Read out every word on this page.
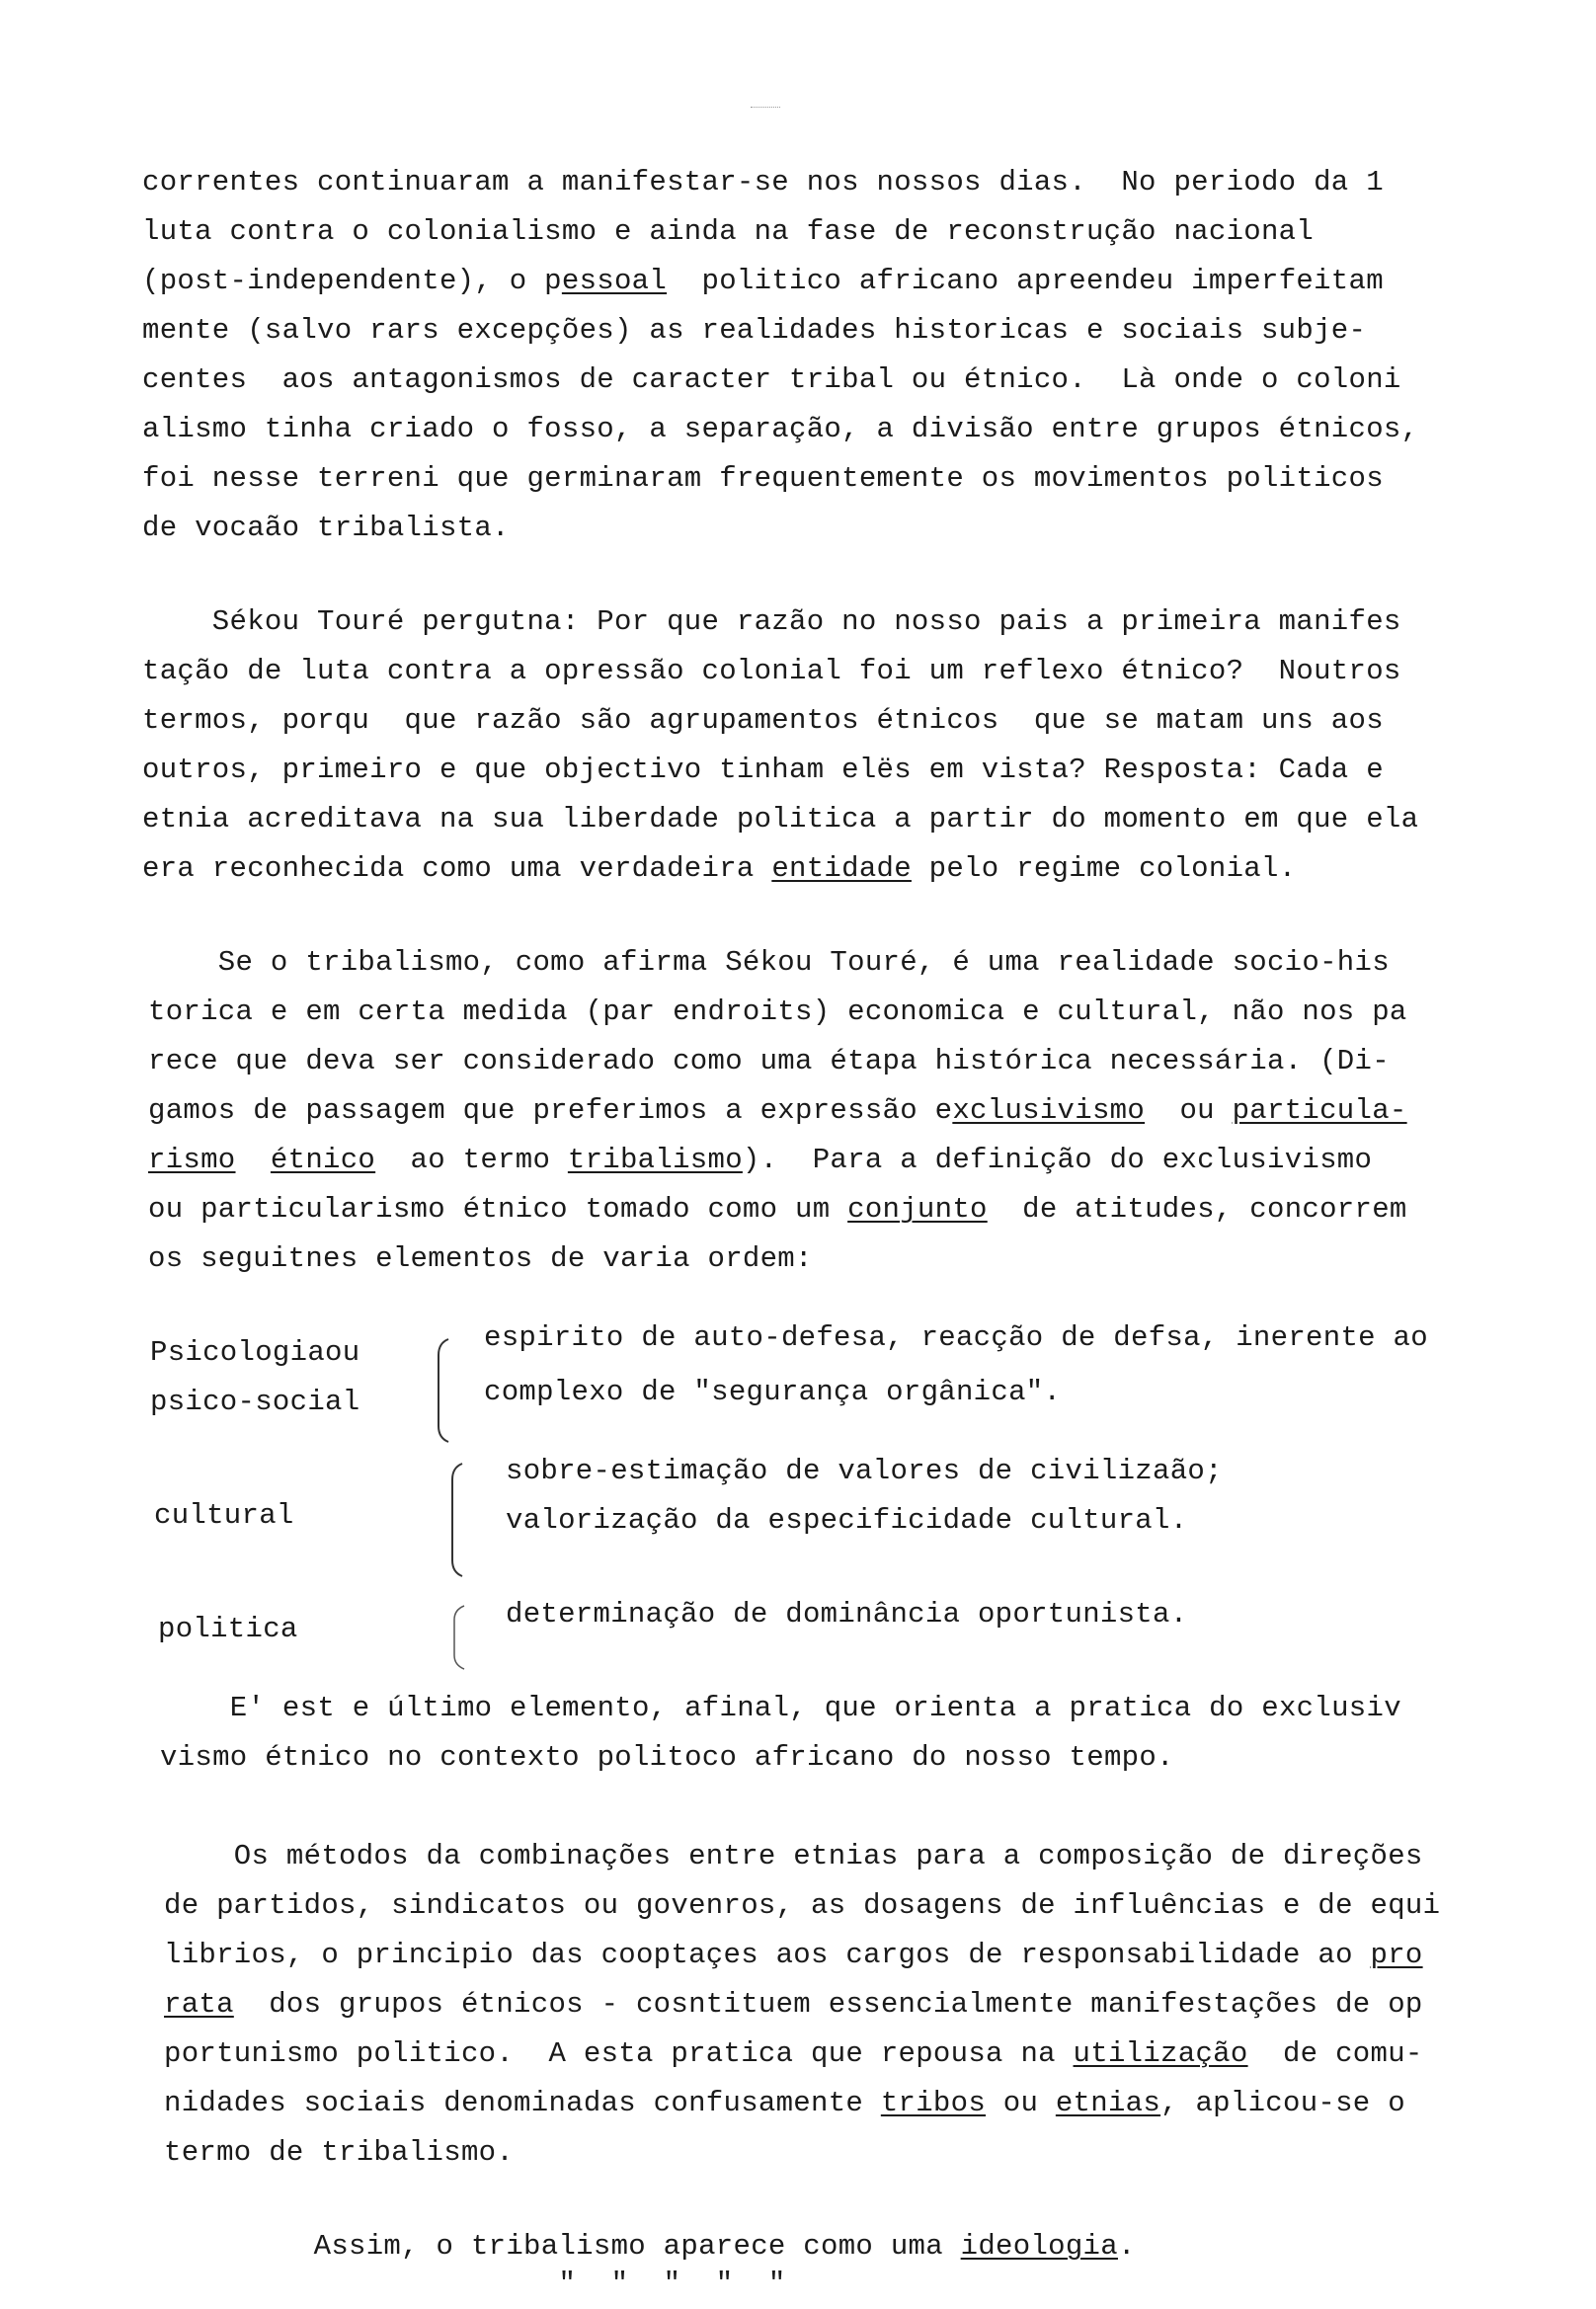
correntes continuaram a manifestar-se nos nossos dias.  No periodo da 1
luta contra o colonialismo e ainda na fase de reconstrução nacional
(post-independente), o pessoal  politico africano apreendeu imperfeitam
mente (salvo rars excepções) as realidades historicas e sociais subje-
centes  aos antagonismos de caracter tribal ou étnico.  Là onde o coloni
alismo tinha criado o fosso, a separação, a divisão entre grupos étnicos,
foi nesse terreni que germinaram frequentemente os movimentos politicos
de vocaão tribalista.
Sékou Touré pergutna: Por que razão no nosso pais a primeira manifes
tação de luta contra a opressão colonial foi um reflexo étnico?  Noutros
termos, porqu  que razão são agrupamentos étnicos  que se matam uns aos
outros, primeiro e que objectivo tinham elës em vista? Resposta: Cada e
etnia acreditava na sua liberdade politica a partir do momento em que ela
era reconhecida como uma verdadeira entidade pelo regime colonial.
Se o tribalismo, como afirma Sékou Touré, é uma realidade socio-his
torica e em certa medida (par endroits) economica e cultural, não nos pa
rece que deva ser considerado como uma étapa histórica necessária. (Di-
gamos de passagem que preferimos a expressão exclusivismo  ou particula-
rismo étnico  ao termo tribalismo).  Para a definição do exclusivismo
ou particularismo étnico tomado como um conjunto  de atitudes, concorrem
os seguitnes elementos de varia ordem:
Psicologiaou
psico-social
espirito de auto-defesa, reacção de defsa, inerente ao
complexo de "segurança orgânica".
cultural
sobre-estimação de valores de civilizaão;
valorização da especificidade cultural.
politica	determinação de dominância oportunista.
E' est e último elemento, afinal, que orienta a pratica do exclusiv
vismo étnico no contexto politoco africano do nosso tempo.
Os métodos da combinações entre etnias para a composição de direções
de partidos, sindicatos ou govenros, as dosagens de influências e de equi
librios, o principio das cooptaçes aos cargos de responsabilidade ao pro
rata  dos grupos étnicos - cosntituem essencialmente manifestações de op
portunismo politico.  A esta pratica que repousa na utilização  de comu-
nidades sociais denominadas confusamente tribos ou etnias, aplicou-se o
termo de tribalismo.
Assim, o tribalismo aparece como uma ideologia.
"  "  "  "  "
